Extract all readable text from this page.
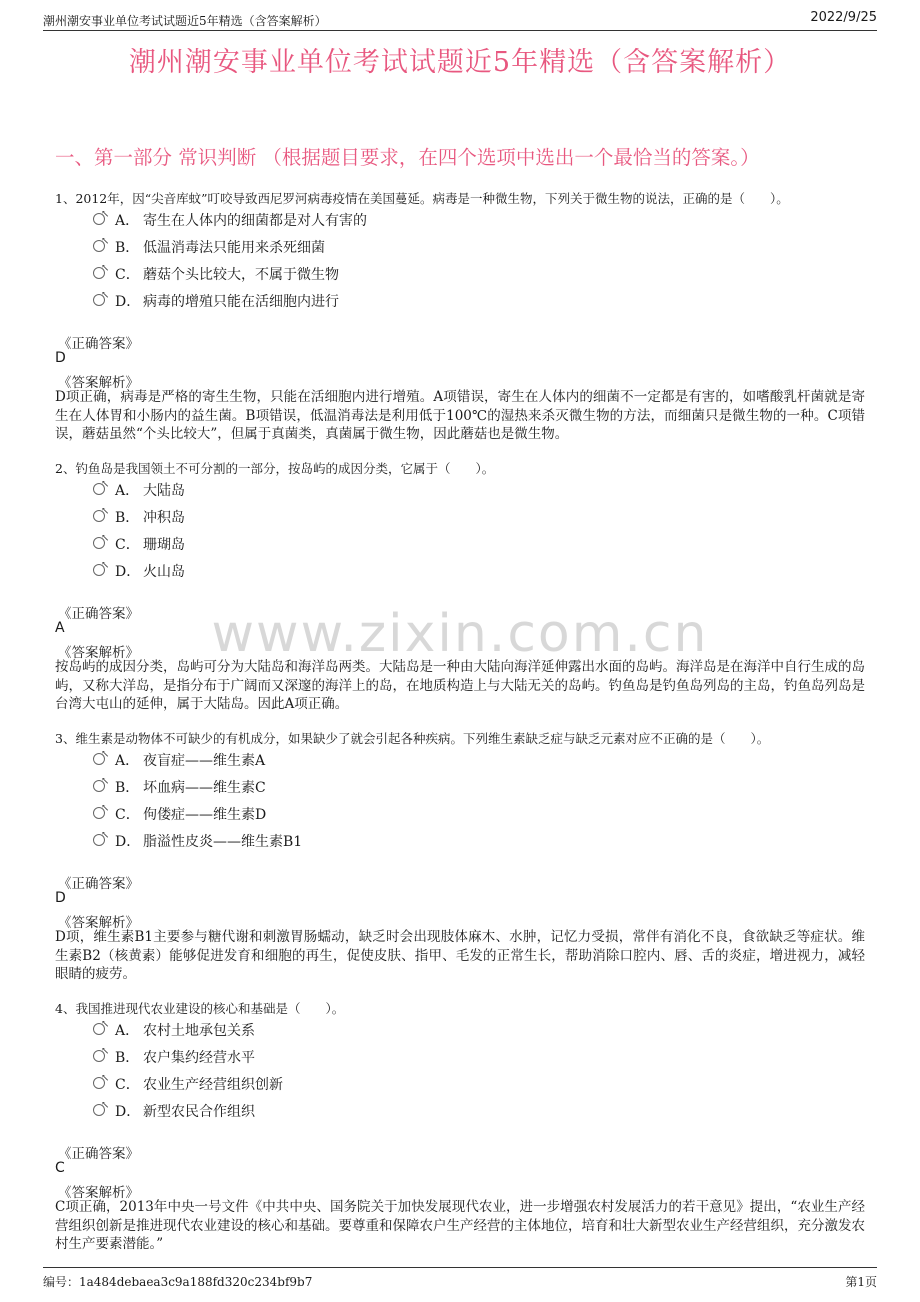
潮州潮安事业单位考试试题近5年精选（含答案解析）	2022/9/25
潮州潮安事业单位考试试题近5年精选（含答案解析）
一、第一部分 常识判断 （根据题目要求，在四个选项中选出一个最恰当的答案。）
www.zixin.com.cn
1、2012年，因“尖音库蚊”叮咬导致西尼罗河病毒疫情在美国蔓延。病毒是一种微生物，下列关于微生物的说法，正确的是（　　）。
↖ A． 寄生在人体内的细菌都是对人有害的
↖ B． 低温消毒法只能用来杀死细菌
↖ C． 蘑菇个头比较大，不属于微生物
↖ D． 病毒的增殖只能在活细胞内进行
《正确答案》
D
《答案解析》
D项正确，病毒是严格的寄生生物，只能在活细胞内进行增殖。A项错误，寄生在人体内的细菌不一定都是有害的，如嗜酸乳杆菌就是寄生在人体胃和小肠内的益生菌。B项错误，低温消毒法是利用低于100℃的湿热来杀灭微生物的方法，而细菌只是微生物的一种。C项错误，蘑菇虽然“个头比较大”，但属于真菌类，真菌属于微生物，因此蘑菇也是微生物。
2、钓鱼岛是我国领土不可分割的一部分，按岛屿的成因分类，它属于（　　）。
↖ A． 大陆岛
↖ B． 冲积岛
↖ C． 珊瑚岛
↖ D． 火山岛
《正确答案》
A
《答案解析》
按岛屿的成因分类，岛屿可分为大陆岛和海洋岛两类。大陆岛是一种由大陆向海洋延伸露出水面的岛屿。海洋岛是在海洋中自行生成的岛屿，又称大洋岛，是指分布于广阔而又深邃的海洋上的岛，在地质构造上与大陆无关的岛屿。钓鱼岛是钓鱼岛列岛的主岛，钓鱼岛列岛是台湾大屯山的延伸，属于大陆岛。因此A项正确。
3、维生素是动物体不可缺少的有机成分，如果缺少了就会引起各种疾病。下列维生素缺乏症与缺乏元素对应不正确的是（　　）。
↖ A． 夜盲症——维生素A
↖ B． 坏血病——维生素C
↖ C． 佝偻症——维生素D
↖ D． 脂溢性皮炎——维生素B1
《正确答案》
D
《答案解析》
D项，维生素B1主要参与糖代谢和刺激胃肠蠕动，缺乏时会出现肢体麻木、水肿，记忆力受损，常伴有消化不良，食欲缺乏等症状。维生素B2（核黄素）能够促进发育和细胞的再生，促使皮肤、指甲、毛发的正常生长，帮助消除口腔内、唇、舌的炎症，增进视力，减轻眼睛的疲劳。
4、我国推进现代农业建设的核心和基础是（　　）。
↖ A． 农村土地承包关系
↖ B． 农户集约经营水平
↖ C． 农业生产经营组织创新
↖ D． 新型农民合作组织
《正确答案》
C
《答案解析》
C项正确，2013年中央一号文件《中共中央、国务院关于加快发展现代农业，进一步增强农村发展活力的若干意见》提出，“农业生产经营组织创新是推进现代农业建设的核心和基础。要尊重和保障农户生产经营的主体地位，培育和壮大新型农业生产经营组织，充分激发农村生产要素潜能。”
编号：1a484debaea3c9a188fd320c234bf9b7	第1页
